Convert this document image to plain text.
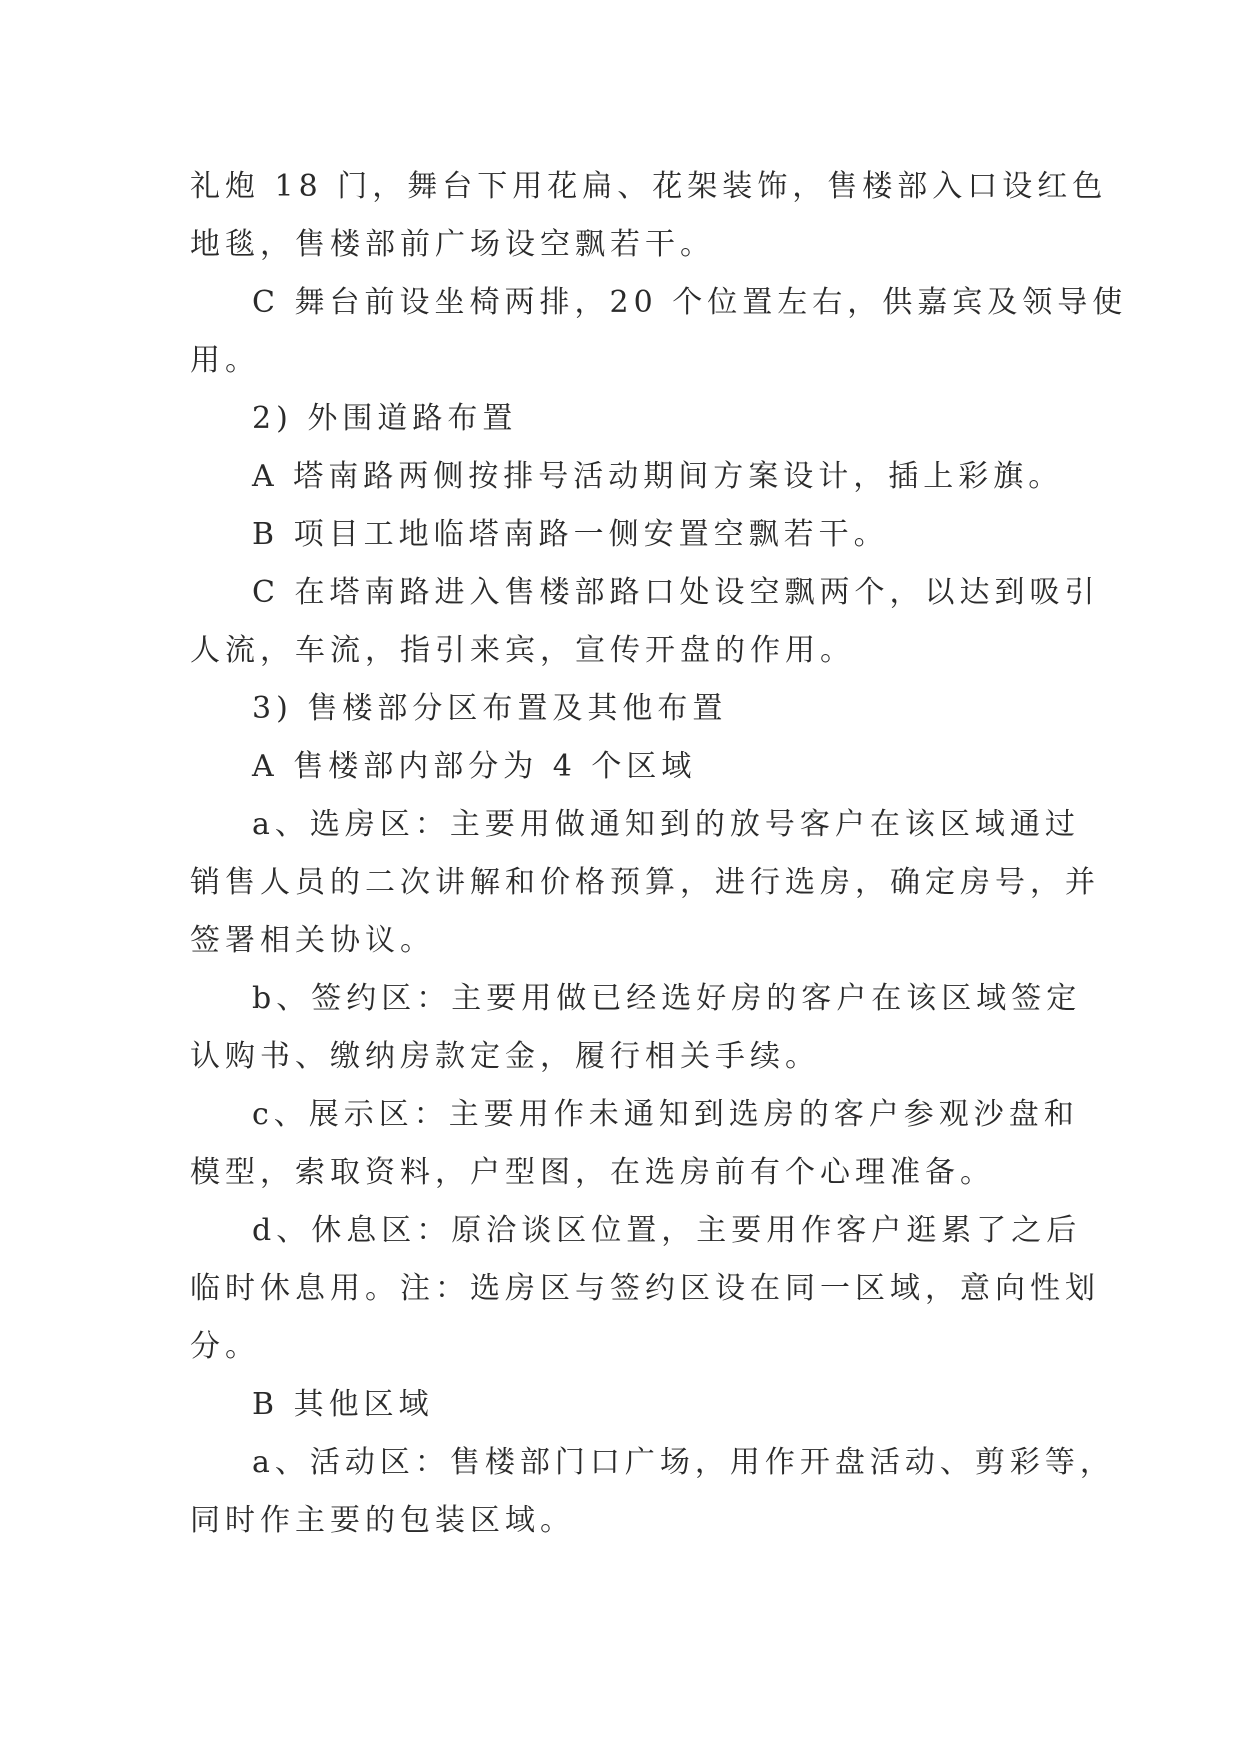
礼炮 18 门，舞台下用花扁、花架装饰，售楼部入口设红色
地毯，售楼部前广场设空飘若干。
C 舞台前设坐椅两排，20 个位置左右，供嘉宾及领导使
用。
2) 外围道路布置
A 塔南路两侧按排号活动期间方案设计，插上彩旗。
B 项目工地临塔南路一侧安置空飘若干。
C 在塔南路进入售楼部路口处设空飘两个，以达到吸引
人流，车流，指引来宾，宣传开盘的作用。
3) 售楼部分区布置及其他布置
A 售楼部内部分为 4 个区域
a、选房区：主要用做通知到的放号客户在该区域通过
销售人员的二次讲解和价格预算，进行选房，确定房号，并
签署相关协议。
b、签约区：主要用做已经选好房的客户在该区域签定
认购书、缴纳房款定金，履行相关手续。
c、展示区：主要用作未通知到选房的客户参观沙盘和
模型，索取资料，户型图，在选房前有个心理准备。
d、休息区：原洽谈区位置，主要用作客户逛累了之后
临时休息用。注：选房区与签约区设在同一区域，意向性划
分。
B 其他区域
a、活动区：售楼部门口广场，用作开盘活动、剪彩等，
同时作主要的包装区域。
